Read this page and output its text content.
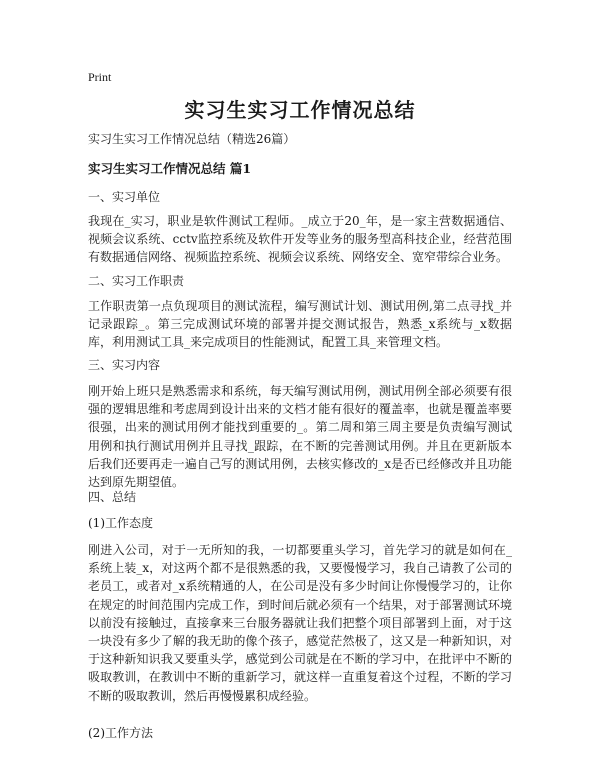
Print
实习生实习工作情况总结
实习生实习工作情况总结（精选26篇）
实习生实习工作情况总结 篇1
一、实习单位

我现在_实习，职业是软件测试工程师。_成立于20_年，是一家主营数据通信、视频会议系统、cctv监控系统及软件开发等业务的服务型高科技企业，经营范围有数据通信网络、视频监控系统、视频会议系统、网络安全、宽窄带综合业务。

二、实习工作职责

工作职责第一点负现项目的测试流程，编写测试计划、测试用例,第二点寻找_并记录跟踪_。第三完成测试环境的部署并提交测试报告，熟悉_x系统与_x数据库，利用测试工具_来完成项目的性能测试，配置工具_来管理文档。

三、实习内容

刚开始上班只是熟悉需求和系统，每天编写测试用例，测试用例全部必须要有很强的逻辑思维和考虑周到设计出来的文档才能有很好的覆盖率，也就是覆盖率要很强，出来的测试用例才能找到重要的_。第二周和第三周主要是负责编写测试用例和执行测试用例并且寻找_跟踪，在不断的完善测试用例。并且在更新版本后我们还要再走一遍自己写的测试用例，去核实修改的_x是否已经修改并且功能达到原先期望值。

四、总结
(1)工作态度

刚进入公司，对于一无所知的我，一切都要重头学习，首先学习的就是如何在_系统上装_x，对这两个都不是很熟悉的我，又要慢慢学习，我自己请教了公司的老员工，或者对_x系统精通的人，在公司是没有多少时间让你慢慢学习的，让你在规定的时间范围内完成工作，到时间后就必须有一个结果，对于部署测试环境以前没有接触过，直接拿来三台服务器就让我们把整个项目部署到上面，对于这一块没有多少了解的我无助的像个孩子，感觉茫然极了，这又是一种新知识，对于这种新知识我又要重头学，感觉到公司就是在不断的学习中，在批评中不断的吸取教训，在教训中不断的重新学习，就这样一直重复着这个过程，不断的学习不断的吸取教训，然后再慢慢累积成经验。

(2)工作方法
